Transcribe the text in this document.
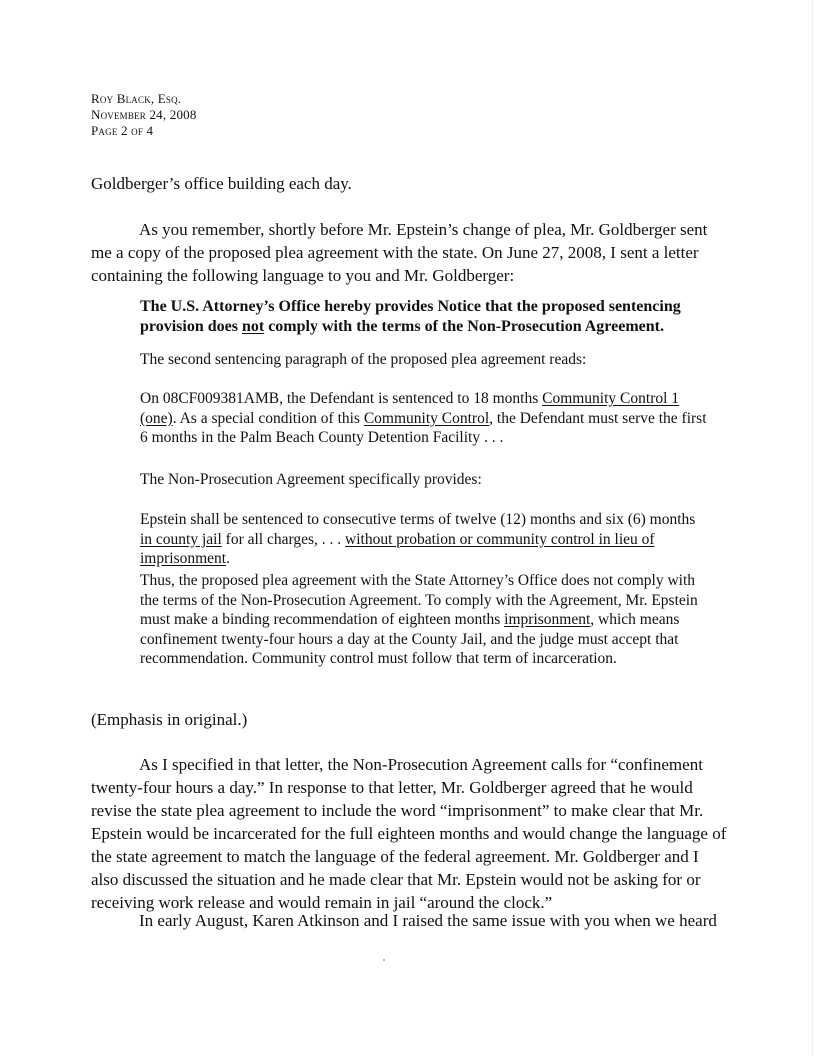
Roy Black, Esq.
November 24, 2008
Page 2 of 4
Goldberger’s office building each day.
As you remember, shortly before Mr. Epstein’s change of plea, Mr. Goldberger sent me a copy of the proposed plea agreement with the state. On June 27, 2008, I sent a letter containing the following language to you and Mr. Goldberger:

The U.S. Attorney’s Office hereby provides Notice that the proposed sentencing provision does not comply with the terms of the Non-Prosecution Agreement.

The second sentencing paragraph of the proposed plea agreement reads:

On 08CF009381AMB, the Defendant is sentenced to 18 months Community Control 1 (one). As a special condition of this Community Control, the Defendant must serve the first 6 months in the Palm Beach County Detention Facility . . .

The Non-Prosecution Agreement specifically provides:

Epstein shall be sentenced to consecutive terms of twelve (12) months and six (6) months in county jail for all charges, . . . without probation or community control in lieu of imprisonment.

Thus, the proposed plea agreement with the State Attorney’s Office does not comply with the terms of the Non-Prosecution Agreement. To comply with the Agreement, Mr. Epstein must make a binding recommendation of eighteen months imprisonment, which means confinement twenty-four hours a day at the County Jail, and the judge must accept that recommendation. Community control must follow that term of incarceration.

(Emphasis in original.)
As I specified in that letter, the Non-Prosecution Agreement calls for “confinement twenty-four hours a day.” In response to that letter, Mr. Goldberger agreed that he would revise the state plea agreement to include the word “imprisonment” to make clear that Mr. Epstein would be incarcerated for the full eighteen months and would change the language of the state agreement to match the language of the federal agreement. Mr. Goldberger and I also discussed the situation and he made clear that Mr. Epstein would not be asking for or receiving work release and would remain in jail “around the clock.”
In early August, Karen Atkinson and I raised the same issue with you when we heard
